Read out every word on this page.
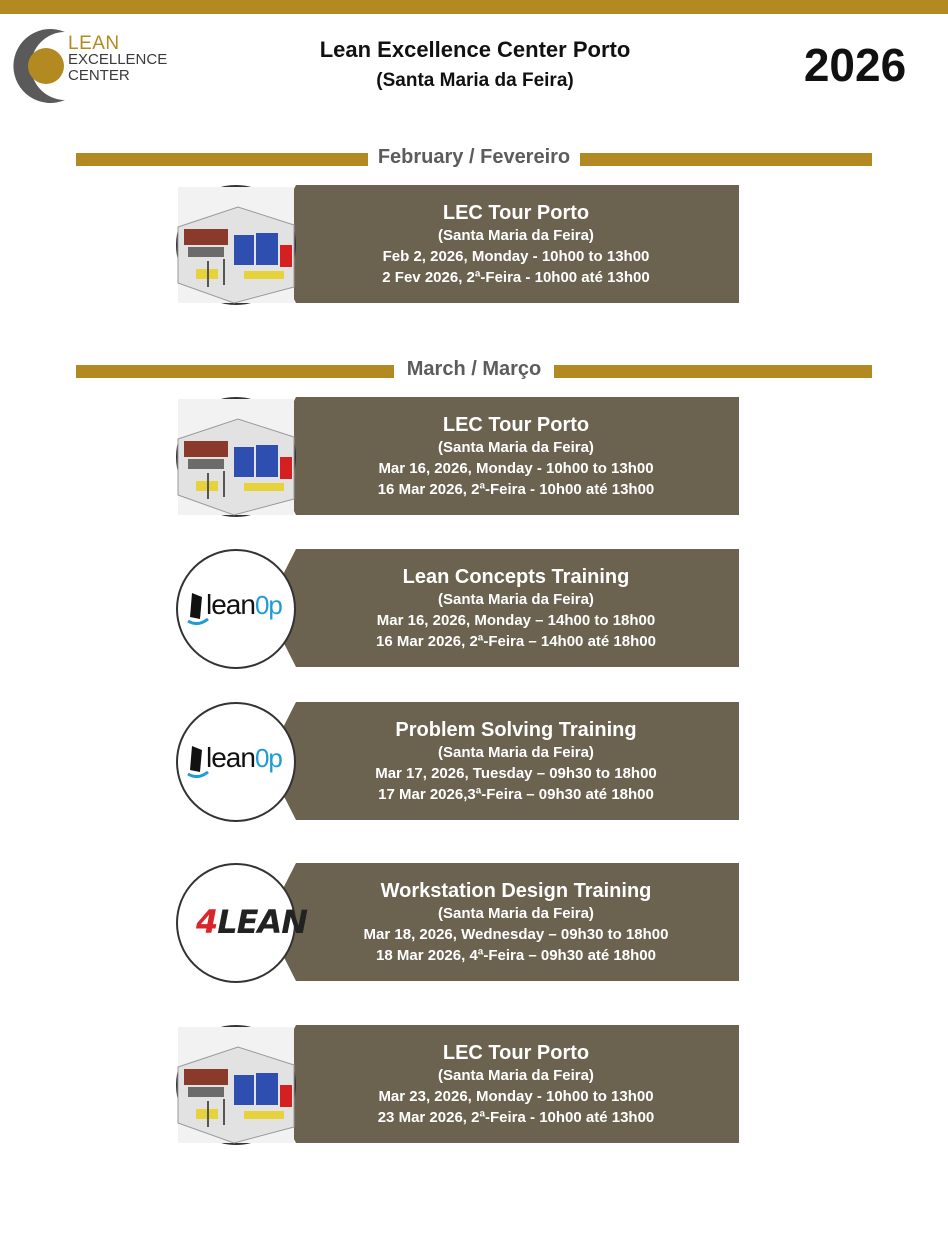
LEAN
EXCELLENCE
CENTER
Lean Excellence Center Porto
(Santa Maria da Feira)	2026
February / Fevereiro
LEC Tour Porto
(Santa Maria da Feira)
Feb 2, 2026, Monday - 10h00 to 13h00
2 Fev 2026, 2ª-Feira - 10h00 até 13h00
March / Março
LEC Tour Porto
(Santa Maria da Feira)
Mar 16, 2026, Monday - 10h00 to 13h00
16 Mar 2026, 2ª-Feira - 10h00 até 13h00
Lean Concepts Training
(Santa Maria da Feira)
Mar 16, 2026, Monday – 14h00 to 18h00
16 Mar 2026, 2ª-Feira – 14h00 até 18h00
lean0p
Problem Solving Training
(Santa Maria da Feira)
Mar 17, 2026, Tuesday – 09h30 to 18h00
17 Mar 2026,3ª-Feira – 09h30 até 18h00
lean0p
Workstation Design Training
(Santa Maria da Feira)
Mar 18, 2026, Wednesday – 09h30 to 18h00
18 Mar 2026, 4ª-Feira – 09h30 até 18h00
4LEAN
LEC Tour Porto
(Santa Maria da Feira)
Mar 23, 2026, Monday - 10h00 to 13h00
23 Mar 2026, 2ª-Feira - 10h00 até 13h00
